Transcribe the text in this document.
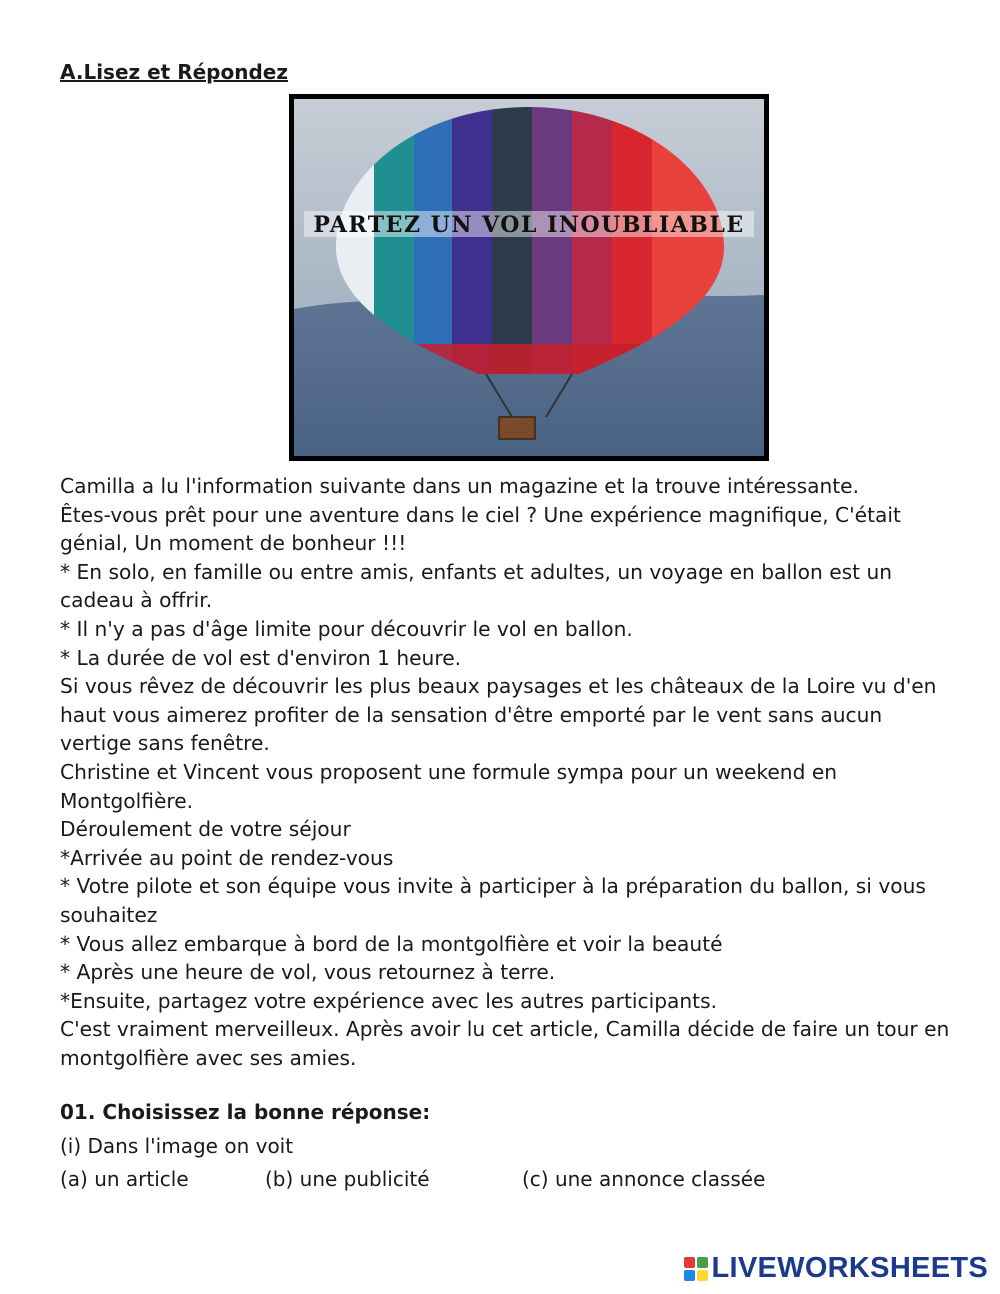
A.Lisez et Répondez
PARTEZ UN VOL INOUBLIABLE

Camilla a lu l'information suivante dans un magazine et la trouve intéressante.

Êtes-vous prêt pour une aventure dans le ciel ? Une expérience magnifique, C'était génial, Un moment de bonheur !!!

* En solo, en famille ou entre amis, enfants et adultes, un voyage en ballon est un cadeau à offrir.

* Il n'y a pas d'âge limite pour découvrir le vol en ballon.

* La durée de vol est d'environ 1 heure.

Si vous rêvez de découvrir les plus beaux paysages et les châteaux de la Loire vu d'en haut vous aimerez profiter de la sensation d'être emporté par le vent sans aucun vertige sans fenêtre.

Christine et Vincent vous proposent une formule sympa pour un weekend en Montgolfière.

Déroulement de votre séjour

*Arrivée au point de rendez-vous

* Votre pilote et son équipe vous invite à participer à la préparation du ballon, si vous souhaitez

* Vous allez embarque à bord de la montgolfière et voir la beauté

* Après une heure de vol, vous retournez à terre.

*Ensuite, partagez votre expérience avec les autres participants.

C'est vraiment merveilleux. Après avoir lu cet article, Camilla décide de faire un tour en montgolfière avec ses amies.

01. Choisissez la bonne réponse:

(i) Dans l'image on voit

(a) un article	(b) une publicité	(c) une annonce classée
LIVEWORKSHEETS
